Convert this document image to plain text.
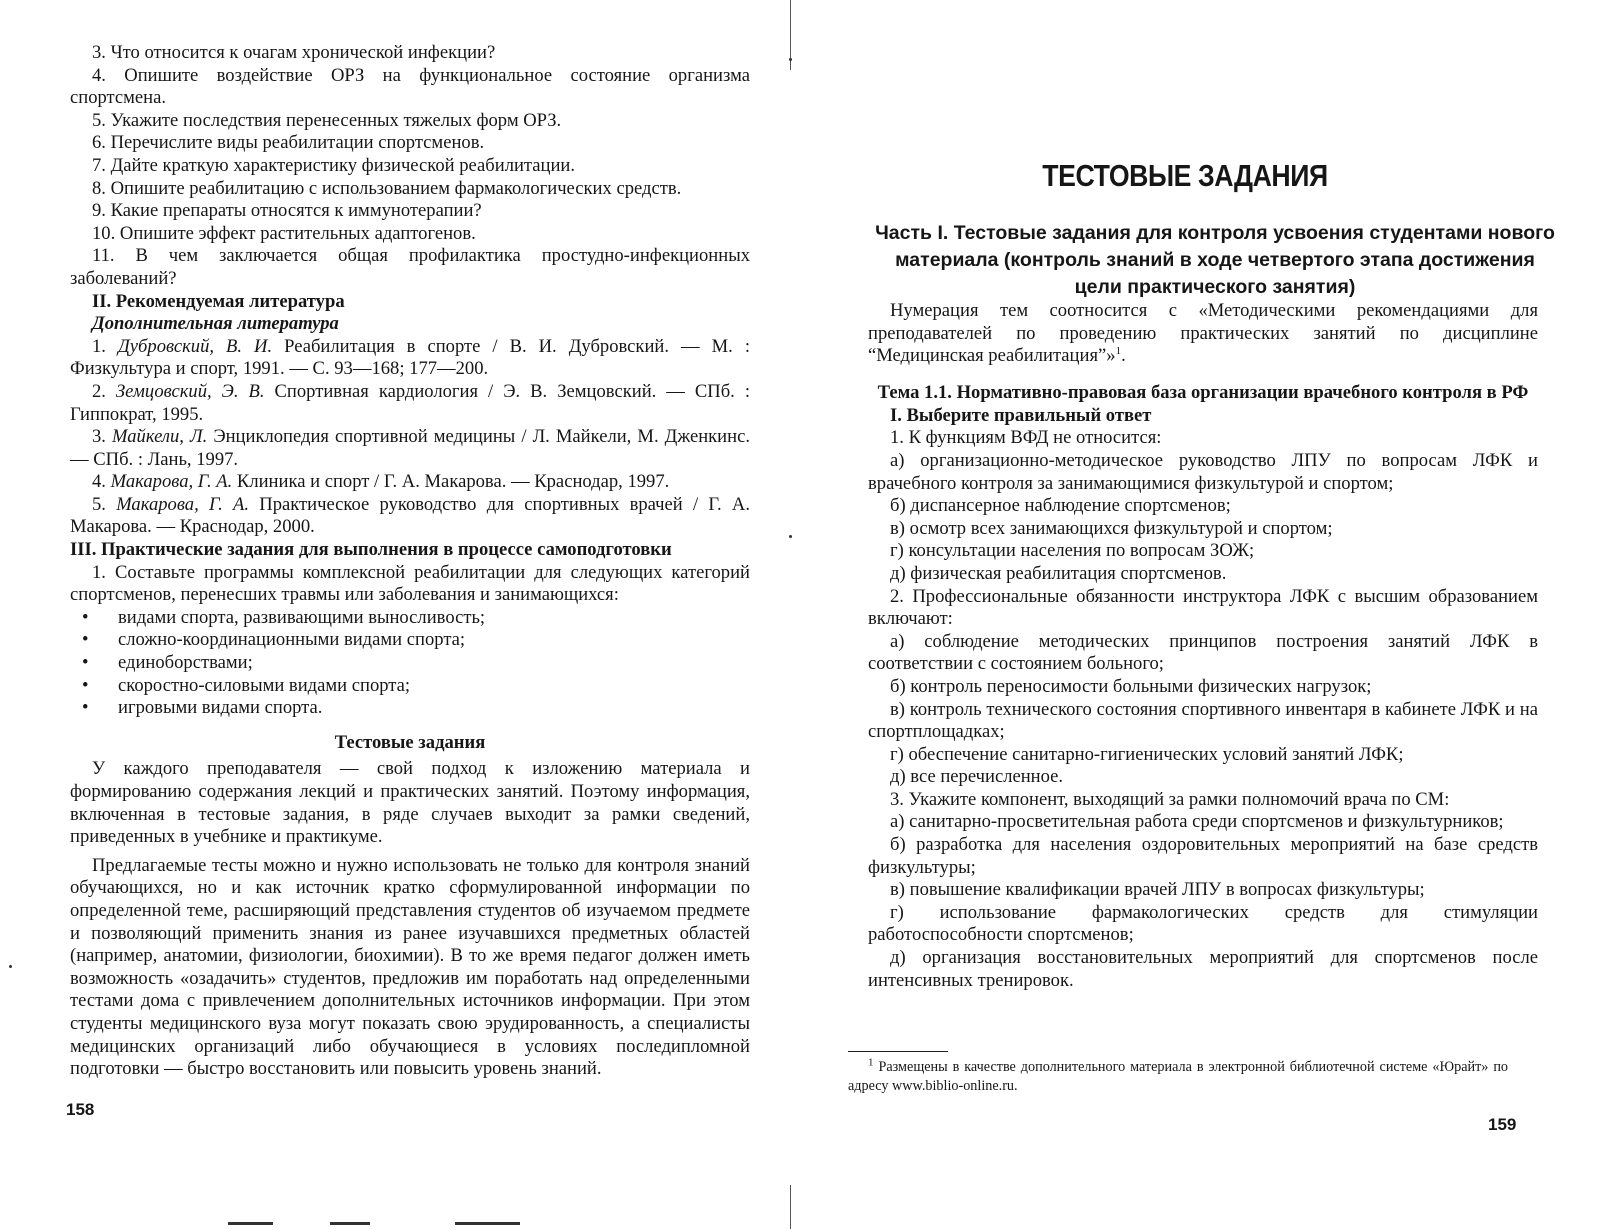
3. Что относится к очагам хронической инфекции?

4. Опишите воздействие ОРЗ на функциональное состояние организма спортсмена.

5. Укажите последствия перенесенных тяжелых форм ОРЗ.

6. Перечислите виды реабилитации спортсменов.

7. Дайте краткую характеристику физической реабилитации.

8. Опишите реабилитацию с использованием фармакологических средств.

9. Какие препараты относятся к иммунотерапии?

10. Опишите эффект растительных адаптогенов.

11. В чем заключается общая профилактика простудно-инфекционных заболеваний?

II. Рекомендуемая литература

Дополнительная литература

1. Дубровский, В. И. Реабилитация в спорте / В. И. Дубровский. — М. : Физкультура и спорт, 1991. — С. 93—168; 177—200.

2. Земцовский, Э. В. Спортивная кардиология / Э. В. Земцовский. — СПб. : Гиппократ, 1995.

3. Майкели, Л. Энциклопедия спортивной медицины / Л. Майкели, М. Дженкинс. — СПб. : Лань, 1997.

4. Макарова, Г. А. Клиника и спорт / Г. А. Макарова. — Краснодар, 1997.

5. Макарова, Г. А. Практическое руководство для спортивных врачей / Г. А. Макарова. — Краснодар, 2000.

III. Практические задания для выполнения в процессе самоподготовки

1. Составьте программы комплексной реабилитации для следующих категорий спортсменов, перенесших травмы или заболевания и занимающихся:

• видами спорта, развивающими выносливость;

• сложно-координационными видами спорта;

• единоборствами;

• скоростно-силовыми видами спорта;

• игровыми видами спорта.

Тестовые задания

У каждого преподавателя — свой подход к изложению материала и формированию содержания лекций и практических занятий. Поэтому информация, включенная в тестовые задания, в ряде случаев выходит за рамки сведений, приведенных в учебнике и практикуме.

Предлагаемые тесты можно и нужно использовать не только для контроля знаний обучающихся, но и как источник кратко сформулированной информации по определенной теме, расширяющий представления студентов об изучаемом предмете и позволяющий применить знания из ранее изучавшихся предметных областей (например, анатомии, физиологии, биохимии). В то же время педагог должен иметь возможность «озадачить» студентов, предложив им поработать над определенными тестами дома с привлечением дополнительных источников информации. При этом студенты медицинского вуза могут показать свою эрудированность, а специалисты медицинских организаций либо обучающиеся в условиях последипломной подготовки — быстро восстановить или повысить уровень знаний.

158
ТЕСТОВЫЕ ЗАДАНИЯ
Часть I. Тестовые задания для контроля усвоения студентами нового материала (контроль знаний в ходе четвертого этапа достижения цели практического занятия)

Нумерация тем соотносится с «Методическими рекомендациями для преподавателей по проведению практических занятий по дисциплине “Медицинская реабилитация”»$^1$.

Тема 1.1. Нормативно-правовая база организации врачебного контроля в РФ

I. Выберите правильный ответ

1. К функциям ВФД не относится:

а) организационно-методическое руководство ЛПУ по вопросам ЛФК и врачебного контроля за занимающимися физкультурой и спортом;

б) диспансерное наблюдение спортсменов;

в) осмотр всех занимающихся физкультурой и спортом;

г) консультации населения по вопросам ЗОЖ;

д) физическая реабилитация спортсменов.

2. Профессиональные обязанности инструктора ЛФК с высшим образованием включают:

а) соблюдение методических принципов построения занятий ЛФК в соответствии с состоянием больного;

б) контроль переносимости больными физических нагрузок;

в) контроль технического состояния спортивного инвентаря в кабинете ЛФК и на спортплощадках;

г) обеспечение санитарно-гигиенических условий занятий ЛФК;

д) все перечисленное.

3. Укажите компонент, выходящий за рамки полномочий врача по СМ:

а) санитарно-просветительная работа среди спортсменов и физкультурников;

б) разработка для населения оздоровительных мероприятий на базе средств физкультуры;

в) повышение квалификации врачей ЛПУ в вопросах физкультуры;

г) использование фармакологических средств для стимуляции работоспособности спортсменов;

д) организация восстановительных мероприятий для спортсменов после интенсивных тренировок.

$^1$ Размещены в качестве дополнительного материала в электронной библиотечной системе «Юрайт» по адресу www.biblio-online.ru.
159
